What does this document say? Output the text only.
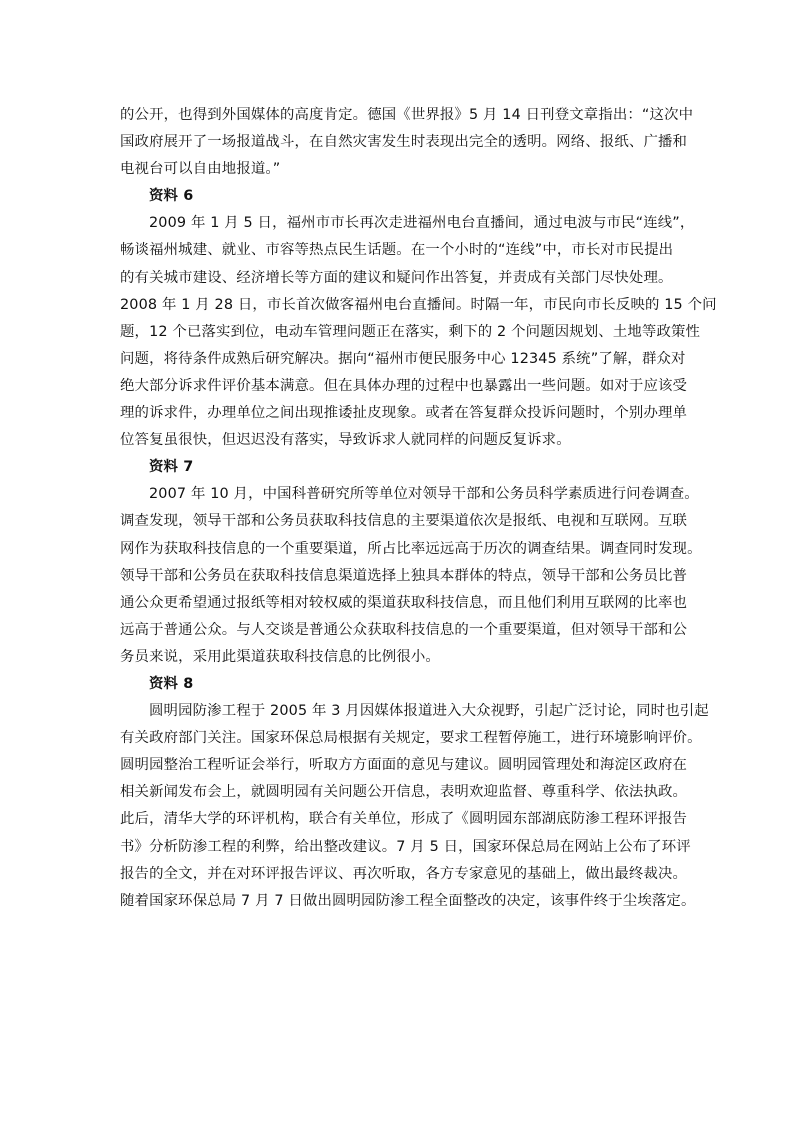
的公开，也得到外国媒体的高度肯定。德国《世界报》5 月 14 日刊登文章指出：“这次中
国政府展开了一场报道战斗，在自然灾害发生时表现出完全的透明。网络、报纸、广播和
电视台可以自由地报道。”
资料 6
2009 年 1 月 5 日，福州市市长再次走进福州电台直播间，通过电波与市民“连线”，
畅谈福州城建、就业、市容等热点民生话题。在一个小时的“连线”中，市长对市民提出
的有关城市建设、经济增长等方面的建议和疑问作出答复，并责成有关部门尽快处理。
2008 年 1 月 28 日，市长首次做客福州电台直播间。时隔一年，市民向市长反映的 15 个问
题，12 个已落实到位，电动车管理问题正在落实，剩下的 2 个问题因规划、土地等政策性
问题，将待条件成熟后研究解决。据向“福州市便民服务中心 12345 系统”了解，群众对
绝大部分诉求件评价基本满意。但在具体办理的过程中也暴露出一些问题。如对于应该受
理的诉求件，办理单位之间出现推诿扯皮现象。或者在答复群众投诉问题时，个别办理单
位答复虽很快，但迟迟没有落实，导致诉求人就同样的问题反复诉求。
资料 7
2007 年 10 月，中国科普研究所等单位对领导干部和公务员科学素质进行问卷调查。
调查发现，领导干部和公务员获取科技信息的主要渠道依次是报纸、电视和互联网。互联
网作为获取科技信息的一个重要渠道，所占比率远远高于历次的调查结果。调查同时发现。
领导干部和公务员在获取科技信息渠道选择上独具本群体的特点，领导干部和公务员比普
通公众更希望通过报纸等相对较权威的渠道获取科技信息，而且他们利用互联网的比率也
远高于普通公众。与人交谈是普通公众获取科技信息的一个重要渠道，但对领导干部和公
务员来说，采用此渠道获取科技信息的比例很小。
资料 8
圆明园防渗工程于 2005 年 3 月因媒体报道进入大众视野，引起广泛讨论，同时也引起
有关政府部门关注。国家环保总局根据有关规定，要求工程暂停施工，进行环境影响评价。
圆明园整治工程听证会举行，听取方方面面的意见与建议。圆明园管理处和海淀区政府在
相关新闻发布会上，就圆明园有关问题公开信息，表明欢迎监督、尊重科学、依法执政。
此后，清华大学的环评机构，联合有关单位，形成了《圆明园东部湖底防渗工程环评报告
书》分析防渗工程的利弊，给出整改建议。7 月 5 日，国家环保总局在网站上公布了环评
报告的全文，并在对环评报告评议、再次听取，各方专家意见的基础上，做出最终裁决。
随着国家环保总局 7 月 7 日做出圆明园防渗工程全面整改的决定，该事件终于尘埃落定。
